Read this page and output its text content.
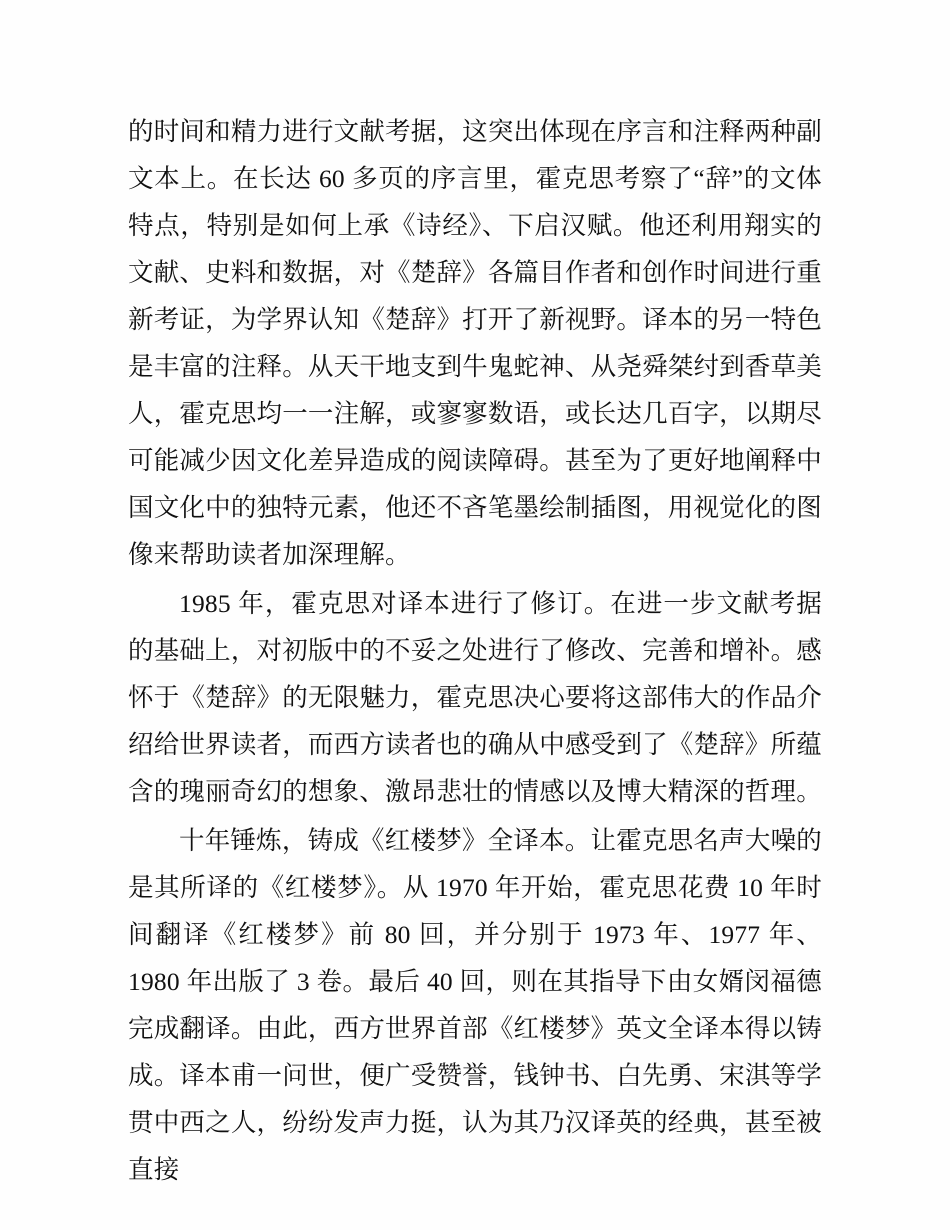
的时间和精力进行文献考据，这突出体现在序言和注释两种副文本上。在长达 60 多页的序言里，霍克思考察了“辞”的文体特点，特别是如何上承《诗经》、下启汉赋。他还利用翔实的文献、史料和数据，对《楚辞》各篇目作者和创作时间进行重新考证，为学界认知《楚辞》打开了新视野。译本的另一特色是丰富的注释。从天干地支到牛鬼蛇神、从尧舜桀纣到香草美人，霍克思均一一注解，或寥寥数语，或长达几百字，以期尽可能减少因文化差异造成的阅读障碍。甚至为了更好地阐释中国文化中的独特元素，他还不吝笔墨绘制插图，用视觉化的图像来帮助读者加深理解。

1985 年，霍克思对译本进行了修订。在进一步文献考据的基础上，对初版中的不妥之处进行了修改、完善和增补。感怀于《楚辞》的无限魅力，霍克思决心要将这部伟大的作品介绍给世界读者，而西方读者也的确从中感受到了《楚辞》所蕴含的瑰丽奇幻的想象、激昂悲壮的情感以及博大精深的哲理。

十年锤炼，铸成《红楼梦》全译本。让霍克思名声大噪的是其所译的《红楼梦》。从 1970 年开始，霍克思花费 10 年时间翻译《红楼梦》前 80 回，并分别于 1973 年、1977 年、1980 年出版了 3 卷。最后 40 回，则在其指导下由女婿闵福德完成翻译。由此，西方世界首部《红楼梦》英文全译本得以铸成。译本甫一问世，便广受赞誉，钱钟书、白先勇、宋淇等学贯中西之人，纷纷发声力挺，认为其乃汉译英的经典，甚至被直接
